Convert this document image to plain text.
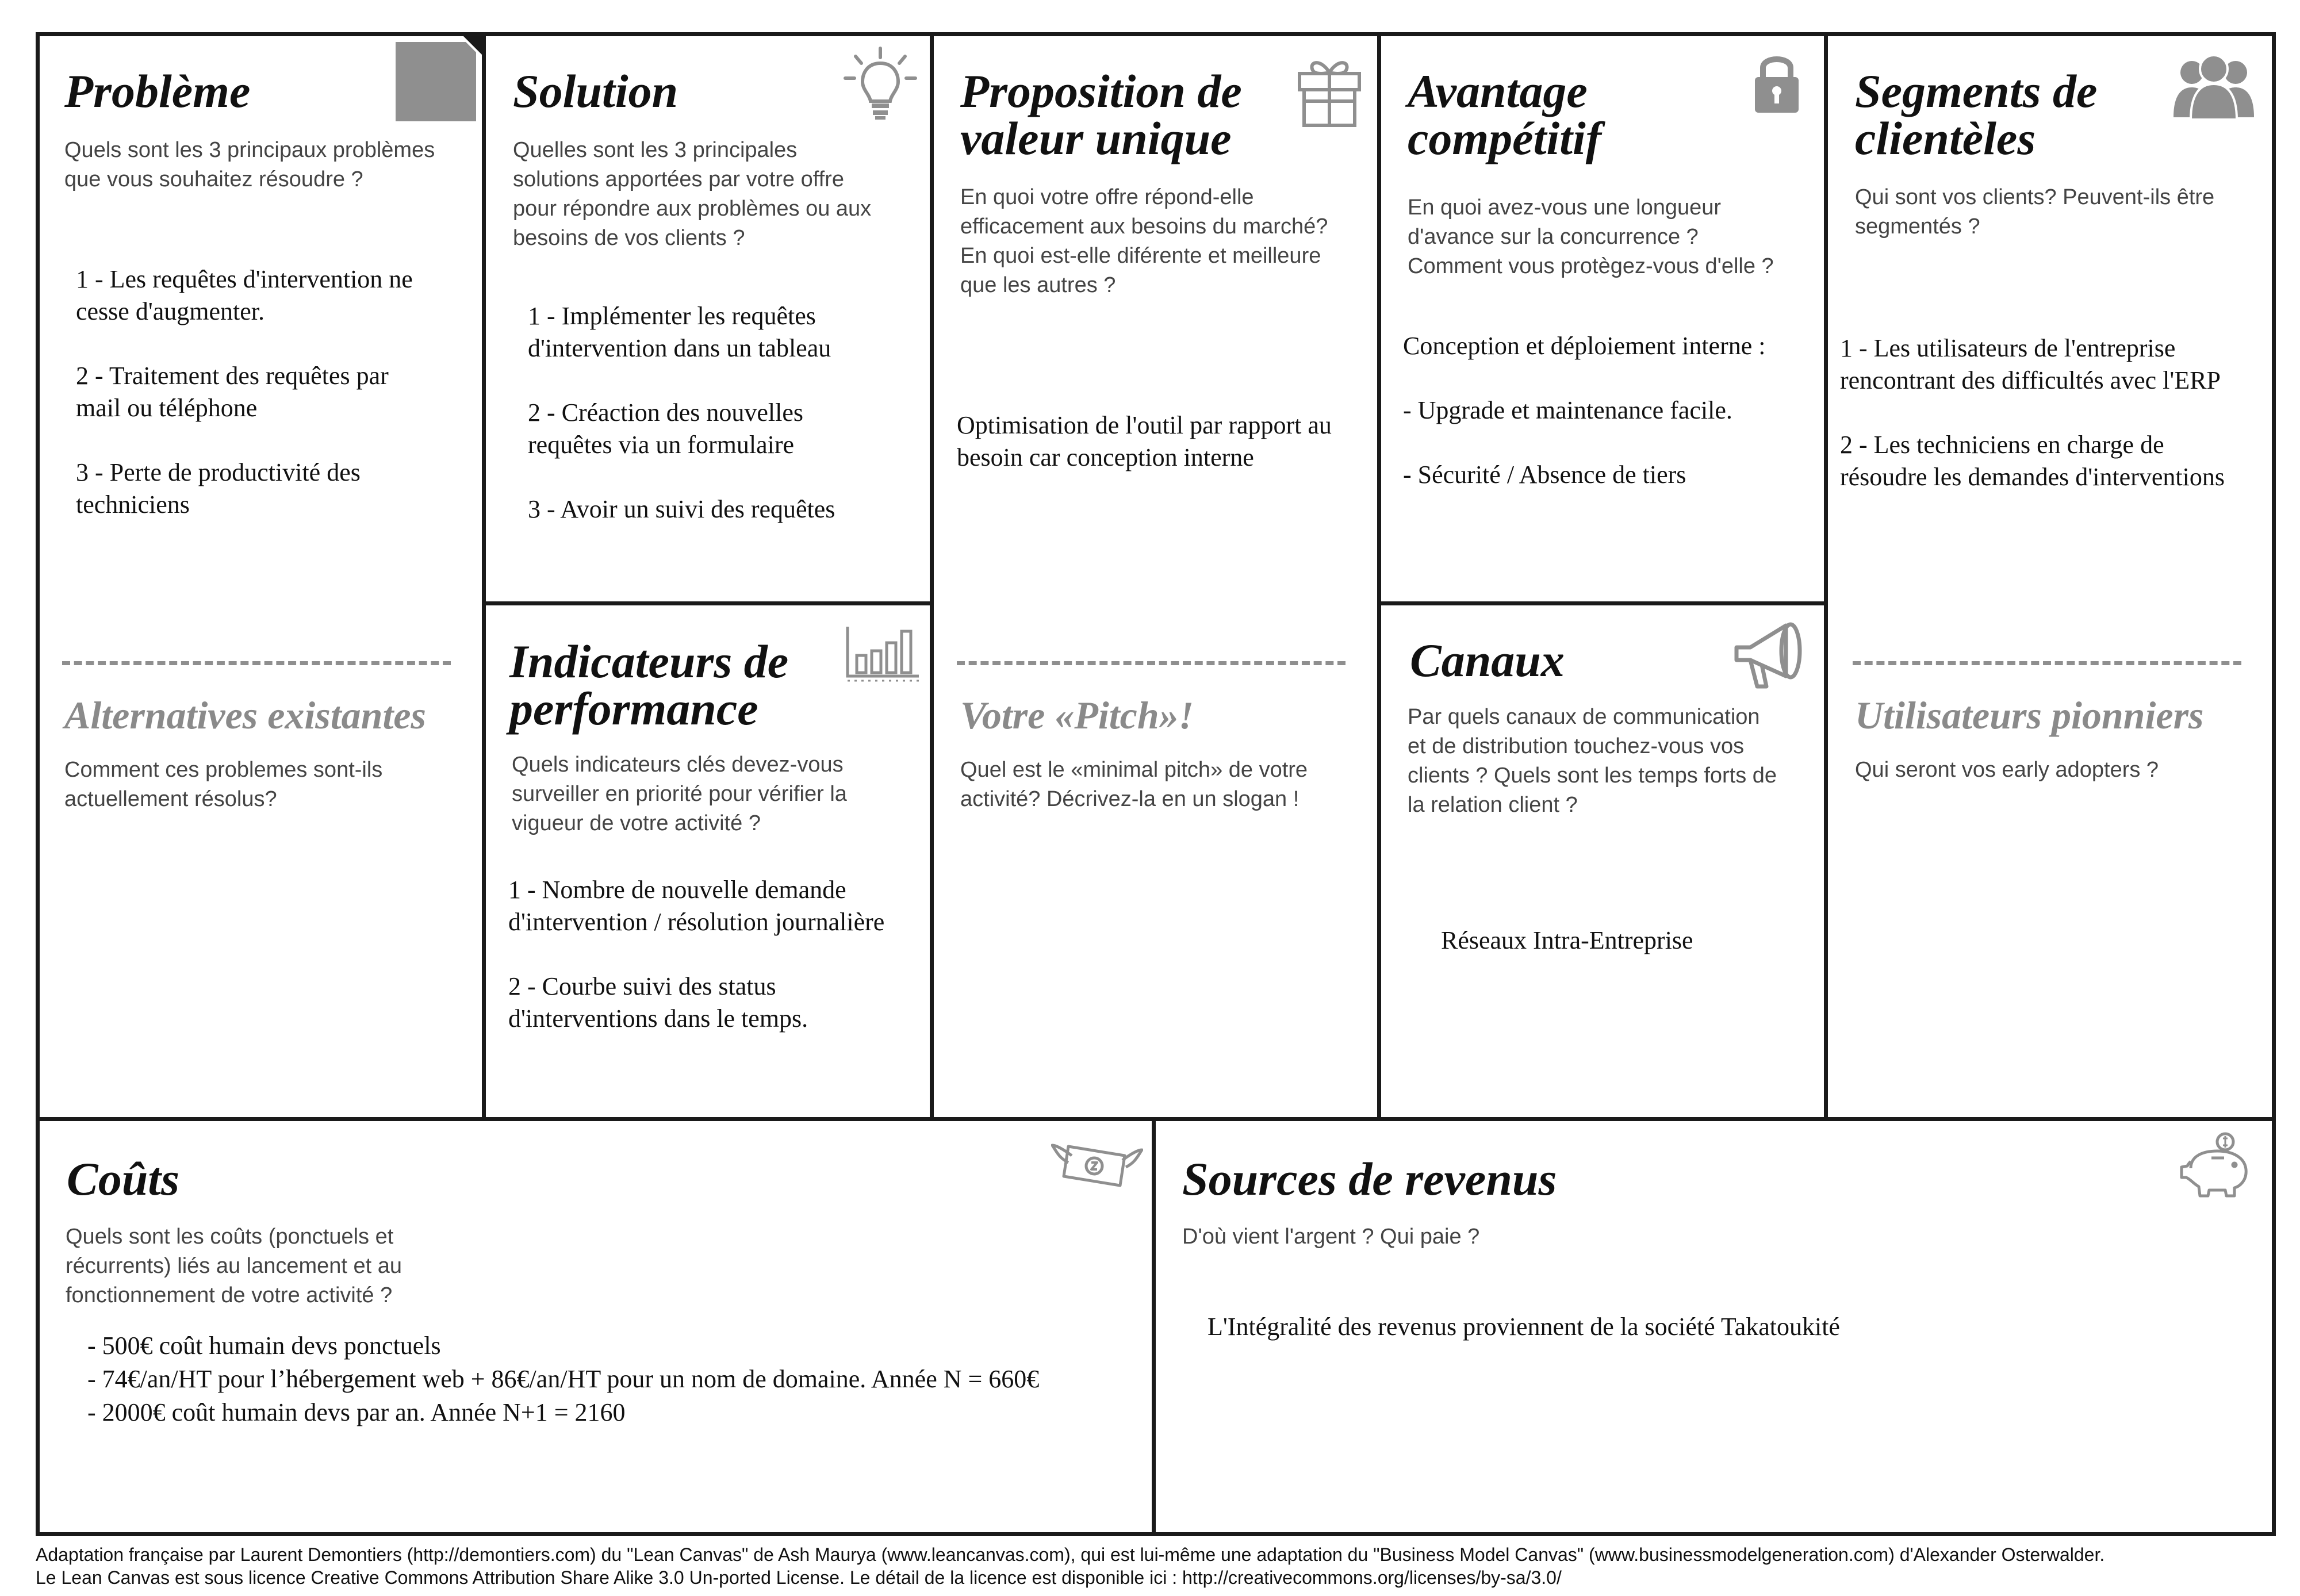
Problème
Quels sont les 3 principaux problèmes
que vous souhaitez résoudre ?
1 - Les requêtes d'intervention ne
cesse d'augmenter.

2 - Traitement des requêtes par
mail ou téléphone

3 - Perte de productivité des
techniciens
Alternatives existantes
Comment ces problemes sont-ils
actuellement résolus?
Solution
Quelles sont les 3 principales
solutions apportées par votre offre
pour répondre aux problèmes ou aux
besoins de vos clients ?
1 - Implémenter les requêtes
d'intervention dans un tableau

2 - Créaction des nouvelles
requêtes via un formulaire

3 - Avoir un suivi des requêtes
Indicateurs de
performance
Quels indicateurs clés devez-vous
surveiller en priorité pour vérifier la
vigueur de votre activité ?
1 - Nombre de nouvelle demande
d'intervention / résolution journalière

2 - Courbe suivi des status
d'interventions dans le temps.
Proposition de
valeur unique
En quoi votre offre répond-elle
efficacement aux besoins du marché?
En quoi est-elle diférente et meilleure
que les autres ?
Optimisation de l'outil par rapport au
besoin car conception interne
Votre «Pitch»!
Quel est le «minimal pitch» de votre
activité? Décrivez-la en un slogan !
Avantage
compétitif
En quoi avez-vous une longueur
d'avance sur la concurrence ?
Comment vous protègez-vous d'elle ?
Conception et déploiement interne :

- Upgrade et maintenance facile.

- Sécurité / Absence de tiers
Canaux
Par quels canaux de communication
et de distribution touchez-vous vos
clients ? Quels sont les temps forts de
la relation client ?
Réseaux Intra-Entreprise
Segments de
clientèles
Qui sont vos clients? Peuvent-ils être
segmentés ?
1 - Les utilisateurs de l'entreprise
rencontrant des difficultés avec l'ERP

2 - Les techniciens en charge de
résoudre les demandes d'interventions
Utilisateurs pionniers
Qui seront vos early adopters ?
Coûts
Quels sont les coûts (ponctuels et
récurrents) liés au lancement et au
fonctionnement de votre activité ?
- 500€ coût humain devs ponctuels
- 74€/an/HT pour l’hébergement web + 86€/an/HT pour un nom de domaine. Année N = 660€
- 2000€ coût humain devs par an. Année N+1 = 2160
Sources de revenus
D'où vient l'argent ? Qui paie ?
L'Intégralité des revenus proviennent de la société Takatoukité
Adaptation française par Laurent Demontiers (http://demontiers.com) du "Lean Canvas" de Ash Maurya (www.leancanvas.com), qui est lui-même une adaptation du "Business Model Canvas" (www.businessmodelgeneration.com) d'Alexander Osterwalder.
Le Lean Canvas est sous licence Creative Commons Attribution Share Alike 3.0 Un-ported License. Le détail de la licence est disponible ici : http://creativecommons.org/licenses/by-sa/3.0/
